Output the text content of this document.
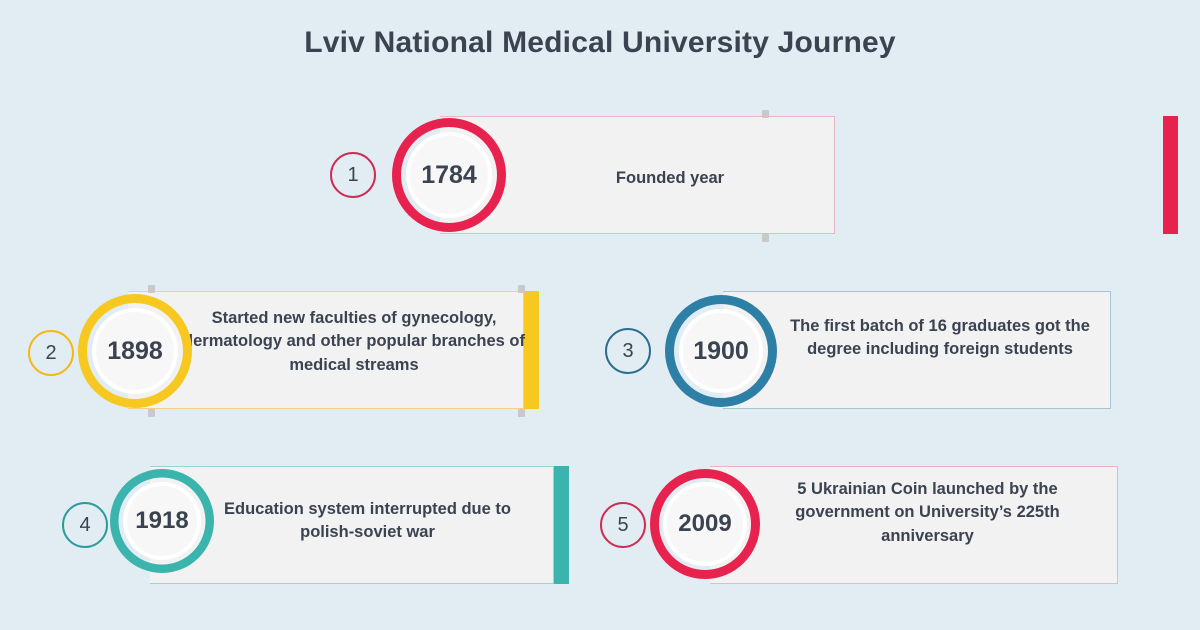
Lviv National Medical University Journey
1784
1	Founded year
1898
2
Started new faculties of gynecology, dermatology and other popular branches of medical streams
1900
3
The first batch of 16 graduates got the degree including foreign students
1918
4
Education system interrupted due to polish-soviet war	2009
5
5 Ukrainian Coin launched by the government on University’s 225th anniversary
